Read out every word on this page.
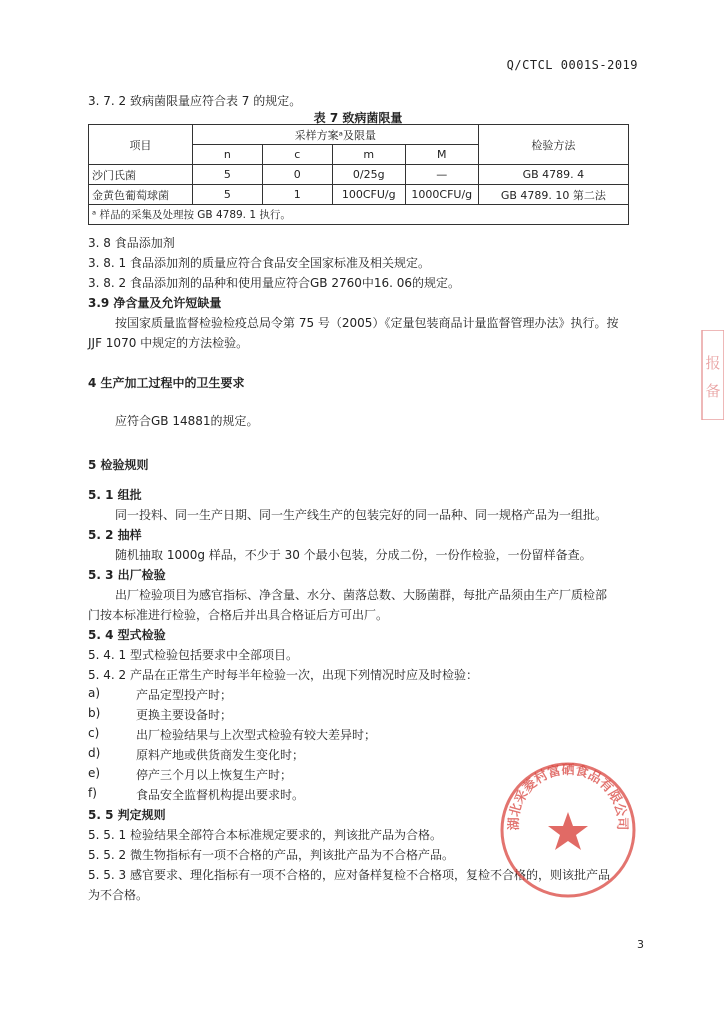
Q/CTCL 0001S-2019
3. 7. 2 致病菌限量应符合表 7 的规定。
表 7 致病菌限量
项目	采样方案ᵃ及限量				检验方法
	n	c	m	M	
沙门氏菌	5	0	0/25g	—	GB 4789. 4
金黄色葡萄球菌	5	1	100CFU/g	1000CFU/g	GB 4789. 10 第二法
ᵃ 样品的采集及处理按 GB 4789. 1 执行。					
3. 8 食品添加剂
3. 8. 1 食品添加剂的质量应符合食品安全国家标准及相关规定。
3. 8. 2 食品添加剂的品种和使用量应符合GB 2760中16. 06的规定。
3.9 净含量及允许短缺量
按国家质量监督检验检疫总局令第 75 号（2005）《定量包装商品计量监督管理办法》执行。按
JJF 1070 中规定的方法检验。
4 生产加工过程中的卫生要求
应符合GB 14881的规定。
5 检验规则
5. 1 组批
同一投料、同一生产日期、同一生产线生产的包装完好的同一品种、同一规格产品为一组批。
5. 2 抽样
随机抽取 1000g 样品，不少于 30 个最小包装，分成二份，一份作检验，一份留样备查。
5. 3 出厂检验
出厂检验项目为感官指标、净含量、水分、菌落总数、大肠菌群，每批产品须由生产厂质检部
门按本标准进行检验，合格后并出具合格证后方可出厂。
5. 4 型式检验
5. 4. 1 型式检验包括要求中全部项目。
5. 4. 2 产品在正常生产时每半年检验一次，出现下列情况时应及时检验：
a)	产品定型投产时；
b)	更换主要设备时；
c)	出厂检验结果与上次型式检验有较大差异时；
d)	原料产地或供货商发生变化时；
e)	停产三个月以上恢复生产时；
f)	食品安全监督机构提出要求时。
5. 5 判定规则
5. 5. 1 检验结果全部符合本标准规定要求的，判该批产品为合格。
5. 5. 2 微生物指标有一项不合格的产品，判该批产品为不合格产品。
5. 5. 3 感官要求、理化指标有一项不合格的，应对备样复检不合格项，复检不合格的，则该批产品
为不合格。
湖北采菱村富硒食品有限公司
报
备
3
